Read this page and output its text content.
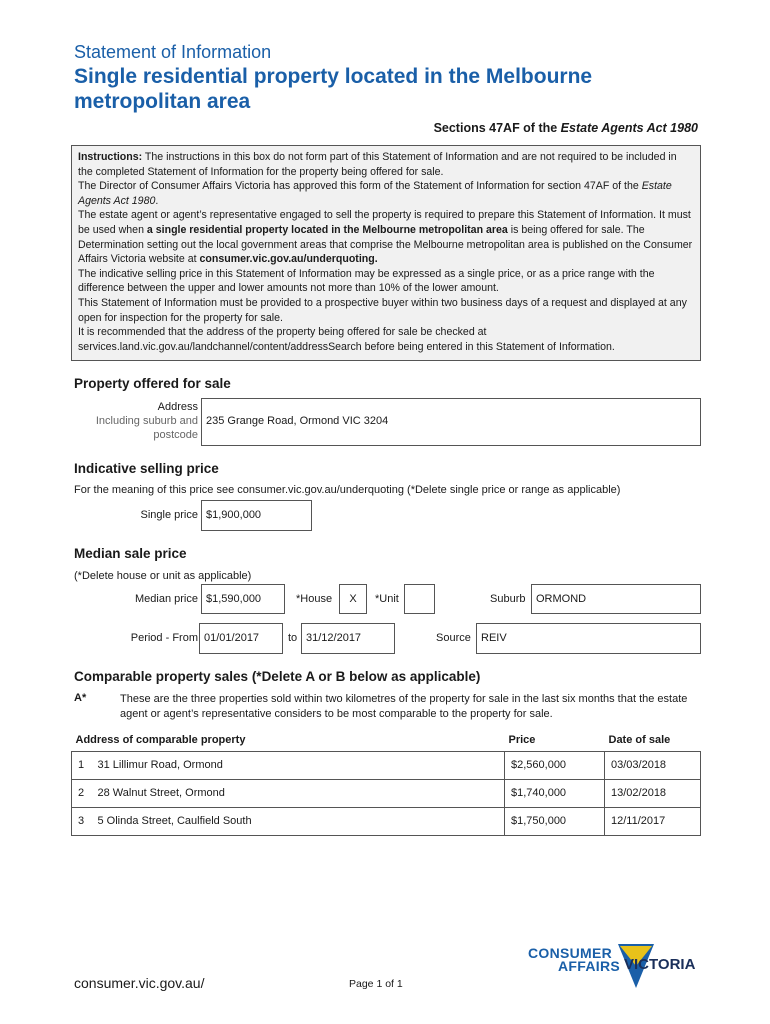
Statement of Information
Single residential property located in the Melbourne metropolitan area
Sections 47AF of the Estate Agents Act 1980

Instructions: The instructions in this box do not form part of this Statement of Information and are not required to be included in the completed Statement of Information for the property being offered for sale.

The Director of Consumer Affairs Victoria has approved this form of the Statement of Information for section 47AF of the Estate Agents Act 1980.

The estate agent or agent’s representative engaged to sell the property is required to prepare this Statement of Information. It must be used when a single residential property located in the Melbourne metropolitan area is being offered for sale. The Determination setting out the local government areas that comprise the Melbourne metropolitan area is published on the Consumer Affairs Victoria website at consumer.vic.gov.au/underquoting.

The indicative selling price in this Statement of Information may be expressed as a single price, or as a price range with the difference between the upper and lower amounts not more than 10% of the lower amount.

This Statement of Information must be provided to a prospective buyer within two business days of a request and displayed at any open for inspection for the property for sale.

It is recommended that the address of the property being offered for sale be checked at services.land.vic.gov.au/landchannel/content/addressSearch before being entered in this Statement of Information.

Property offered for sale
Address
Including suburb and
postcode
235 Grange Road, Ormond VIC 3204
Indicative selling price
For the meaning of this price see consumer.vic.gov.au/underquoting (*Delete single price or range as applicable)
Single price $1,900,000
Median sale price
(*Delete house or unit as applicable)
Median price $1,590,000	*House	X	*Unit	Suburb ORMOND
Period - From 01/01/2017	to 31/12/2017	Source REIV
Comparable property sales (*Delete A or B below as applicable)
A*	These are the three properties sold within two kilometres of the property for sale in the last six months that the estate agent or agent’s representative considers to be most comparable to the property for sale.
Address of comparable property		Price	Date of sale
1	31 Lillimur Road, Ormond	$2,560,000	03/03/2018
2	28 Walnut Street, Ormond	$1,740,000	13/02/2018
3	5 Olinda Street, Caulfield South	$1,750,000	12/11/2017
consumer.vic.gov.au/	Page 1 of 1
CONSUMER
AFFAIRS VICTORIA
